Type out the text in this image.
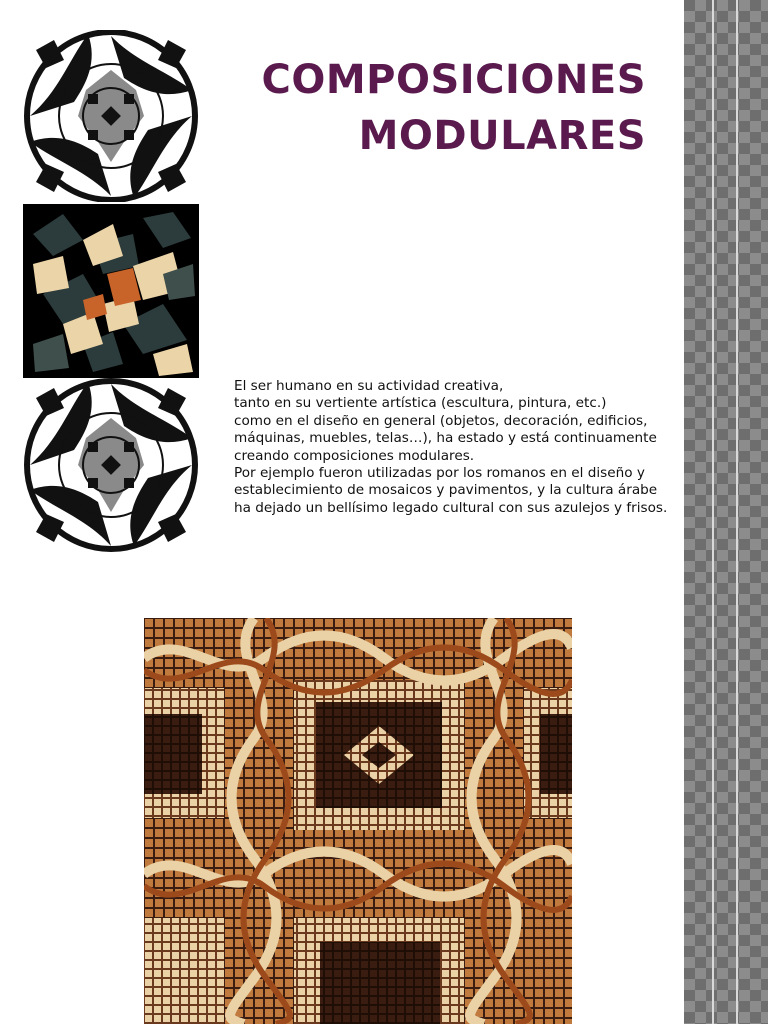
COMPOSICIONES
MODULARES
El ser humano en su actividad creativa,
tanto en su vertiente artística (escultura, pintura, etc.)
como en el diseño en general (objetos, decoración, edificios,
máquinas, muebles, telas…), ha estado y está continuamente
creando composiciones modulares.
Por ejemplo fueron utilizadas por los romanos en el diseño y
establecimiento de mosaicos y pavimentos, y la cultura árabe
ha dejado un bellísimo legado cultural con sus azulejos y frisos.
